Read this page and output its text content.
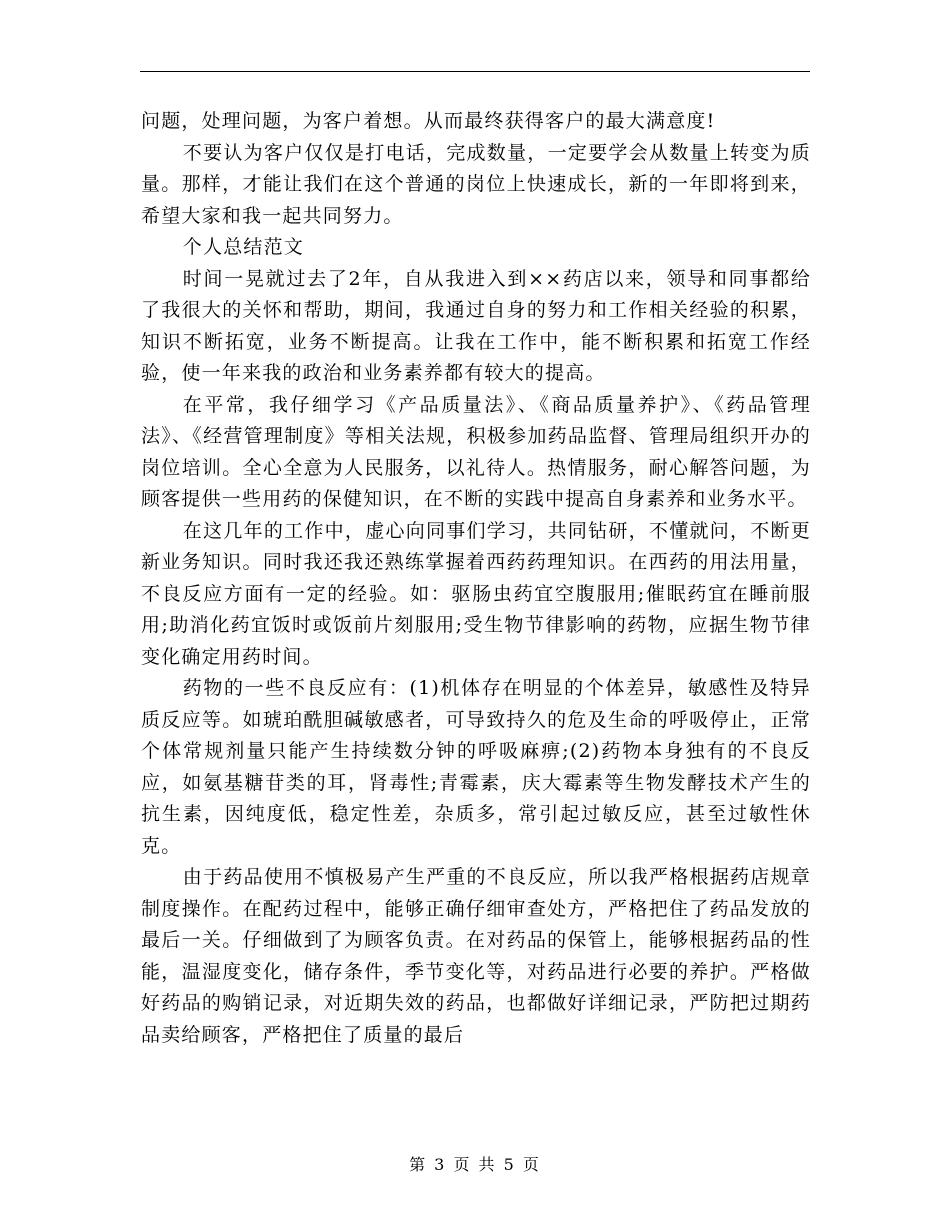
问题，处理问题，为客户着想。从而最终获得客户的最大满意度!

不要认为客户仅仅是打电话，完成数量，一定要学会从数量上转变为质量。那样，才能让我们在这个普通的岗位上快速成长，新的一年即将到来，希望大家和我一起共同努力。

个人总结范文

时间一晃就过去了2年，自从我进入到××药店以来，领导和同事都给了我很大的关怀和帮助，期间，我通过自身的努力和工作相关经验的积累，知识不断拓宽，业务不断提高。让我在工作中，能不断积累和拓宽工作经验，使一年来我的政治和业务素养都有较大的提高。

在平常，我仔细学习《产品质量法》、《商品质量养护》、《药品管理法》、《经营管理制度》等相关法规，积极参加药品监督、管理局组织开办的岗位培训。全心全意为人民服务，以礼待人。热情服务，耐心解答问题，为顾客提供一些用药的保健知识，在不断的实践中提高自身素养和业务水平。

在这几年的工作中，虚心向同事们学习，共同钻研，不懂就问，不断更新业务知识。同时我还我还熟练掌握着西药药理知识。在西药的用法用量，不良反应方面有一定的经验。如：驱肠虫药宜空腹服用;催眠药宜在睡前服用;助消化药宜饭时或饭前片刻服用;受生物节律影响的药物，应据生物节律变化确定用药时间。

药物的一些不良反应有：(1)机体存在明显的个体差异，敏感性及特异质反应等。如琥珀酰胆碱敏感者，可导致持久的危及生命的呼吸停止，正常个体常规剂量只能产生持续数分钟的呼吸麻痹;(2)药物本身独有的不良反应，如氨基糖苷类的耳，肾毒性;青霉素，庆大霉素等生物发酵技术产生的抗生素，因纯度低，稳定性差，杂质多，常引起过敏反应，甚至过敏性休克。

由于药品使用不慎极易产生严重的不良反应，所以我严格根据药店规章制度操作。在配药过程中，能够正确仔细审查处方，严格把住了药品发放的最后一关。仔细做到了为顾客负责。在对药品的保管上，能够根据药品的性能，温湿度变化，储存条件，季节变化等，对药品进行必要的养护。严格做好药品的购销记录，对近期失效的药品，也都做好详细记录，严防把过期药品卖给顾客，严格把住了质量的最后

第 3 页 共 5 页
